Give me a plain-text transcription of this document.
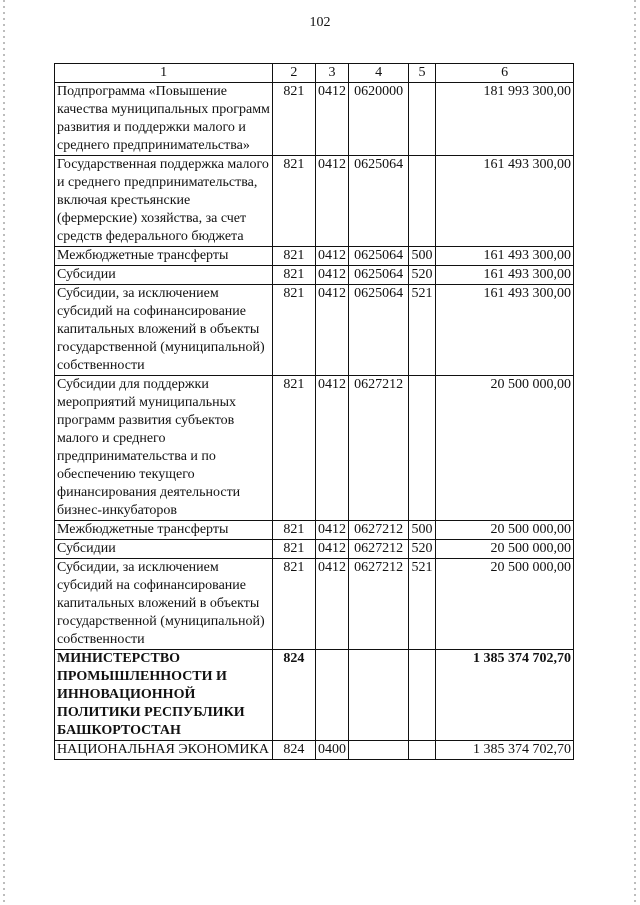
102
1	2	3	4	5	6
Подпрограмма «Повышение качества муниципальных программ развития и поддержки малого и среднего предпринимательства»	821	0412	0620000		181 993 300,00
Государственная поддержка малого и среднего предпринимательства, включая крестьянские (фермерские) хозяйства, за счет средств федерального бюджета	821	0412	0625064		161 493 300,00
Межбюджетные трансферты	821	0412	0625064	500	161 493 300,00
Субсидии	821	0412	0625064	520	161 493 300,00
Субсидии, за исключением субсидий на софинансирование капитальных вложений в объекты государственной (муниципальной) собственности	821	0412	0625064	521	161 493 300,00
Субсидии для поддержки мероприятий муниципальных программ развития субъектов малого и среднего предпринимательства и по обеспечению текущего финансирования деятельности бизнес-инкубаторов	821	0412	0627212		20 500 000,00
Межбюджетные трансферты	821	0412	0627212	500	20 500 000,00
Субсидии	821	0412	0627212	520	20 500 000,00
Субсидии, за исключением субсидий на софинансирование капитальных вложений в объекты государственной (муниципальной) собственности	821	0412	0627212	521	20 500 000,00
МИНИСТЕРСТВО ПРОМЫШЛЕННОСТИ И ИННОВАЦИОННОЙ ПОЛИТИКИ РЕСПУБЛИКИ БАШКОРТОСТАН	824				1 385 374 702,70
НАЦИОНАЛЬНАЯ ЭКОНОМИКА	824	0400			1 385 374 702,70
